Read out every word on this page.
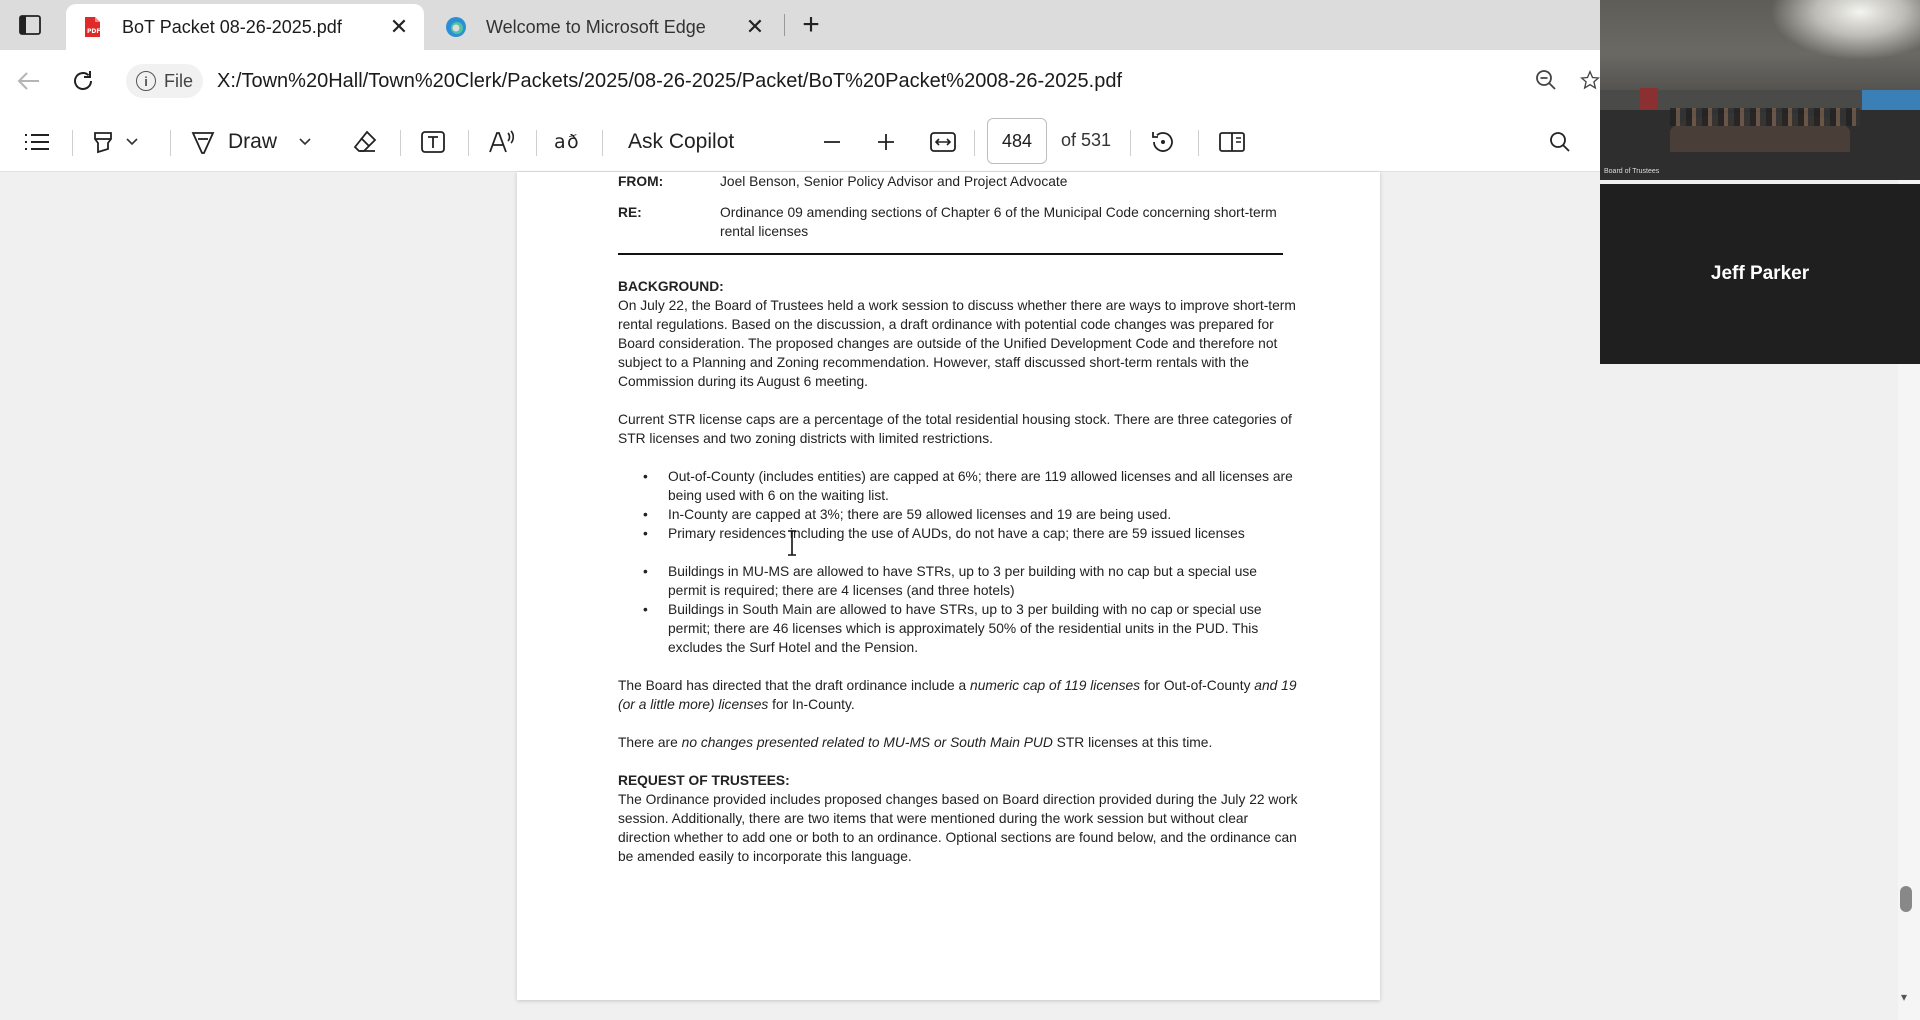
PDF BoT Packet 08-26-2025.pdf	✕	Welcome to Microsoft Edge	✕ +
i File X:/Town%20Hall/Town%20Clerk/Packets/2025/08-26-2025/Packet/BoT%20Packet%2008-26-2025.pdf
Draw	a ð Ask Copilot	484	of 531
FROM:	Joel Benson, Senior Policy Advisor and Project Advocate
RE:	Ordinance 09 amending sections of Chapter 6 of the Municipal Code concerning short-term rental licenses

BACKGROUND:

On July 22, the Board of Trustees held a work session to discuss whether there are ways to improve short-term rental regulations. Based on the discussion, a draft ordinance with potential code changes was prepared for Board consideration. The proposed changes are outside of the Unified Development Code and therefore not subject to a Planning and Zoning recommendation. However, staff discussed short-term rentals with the Commission during its August 6 meeting.

Current STR license caps are a percentage of the total residential housing stock. There are three categories of STR licenses and two zoning districts with limited restrictions.

• Out-of-County (includes entities) are capped at 6%; there are 119 allowed licenses and all licenses are being used with 6 on the waiting list.
• In-County are capped at 3%; there are 59 allowed licenses and 19 are being used.
• Primary residences including the use of AUDs, do not have a cap; there are 59 issued licenses
• Buildings in MU-MS are allowed to have STRs, up to 3 per building with no cap but a special use permit is required; there are 4 licenses (and three hotels)
• Buildings in South Main are allowed to have STRs, up to 3 per building with no cap or special use permit; there are 46 licenses which is approximately 50% of the residential units in the PUD. This excludes the Surf Hotel and the Pension.

The Board has directed that the draft ordinance include a numeric cap of 119 licenses for Out-of-County and 19 (or a little more) licenses for In-County.

There are no changes presented related to MU-MS or South Main PUD STR licenses at this time.

REQUEST OF TRUSTEES:

The Ordinance provided includes proposed changes based on Board direction provided during the July 22 work session. Additionally, there are two items that were mentioned during the work session but without clear direction whether to add one or both to an ordinance. Optional sections are found below, and the ordinance can be amended easily to incorporate this language.

▾
Board of Trustees
Jeff Parker
